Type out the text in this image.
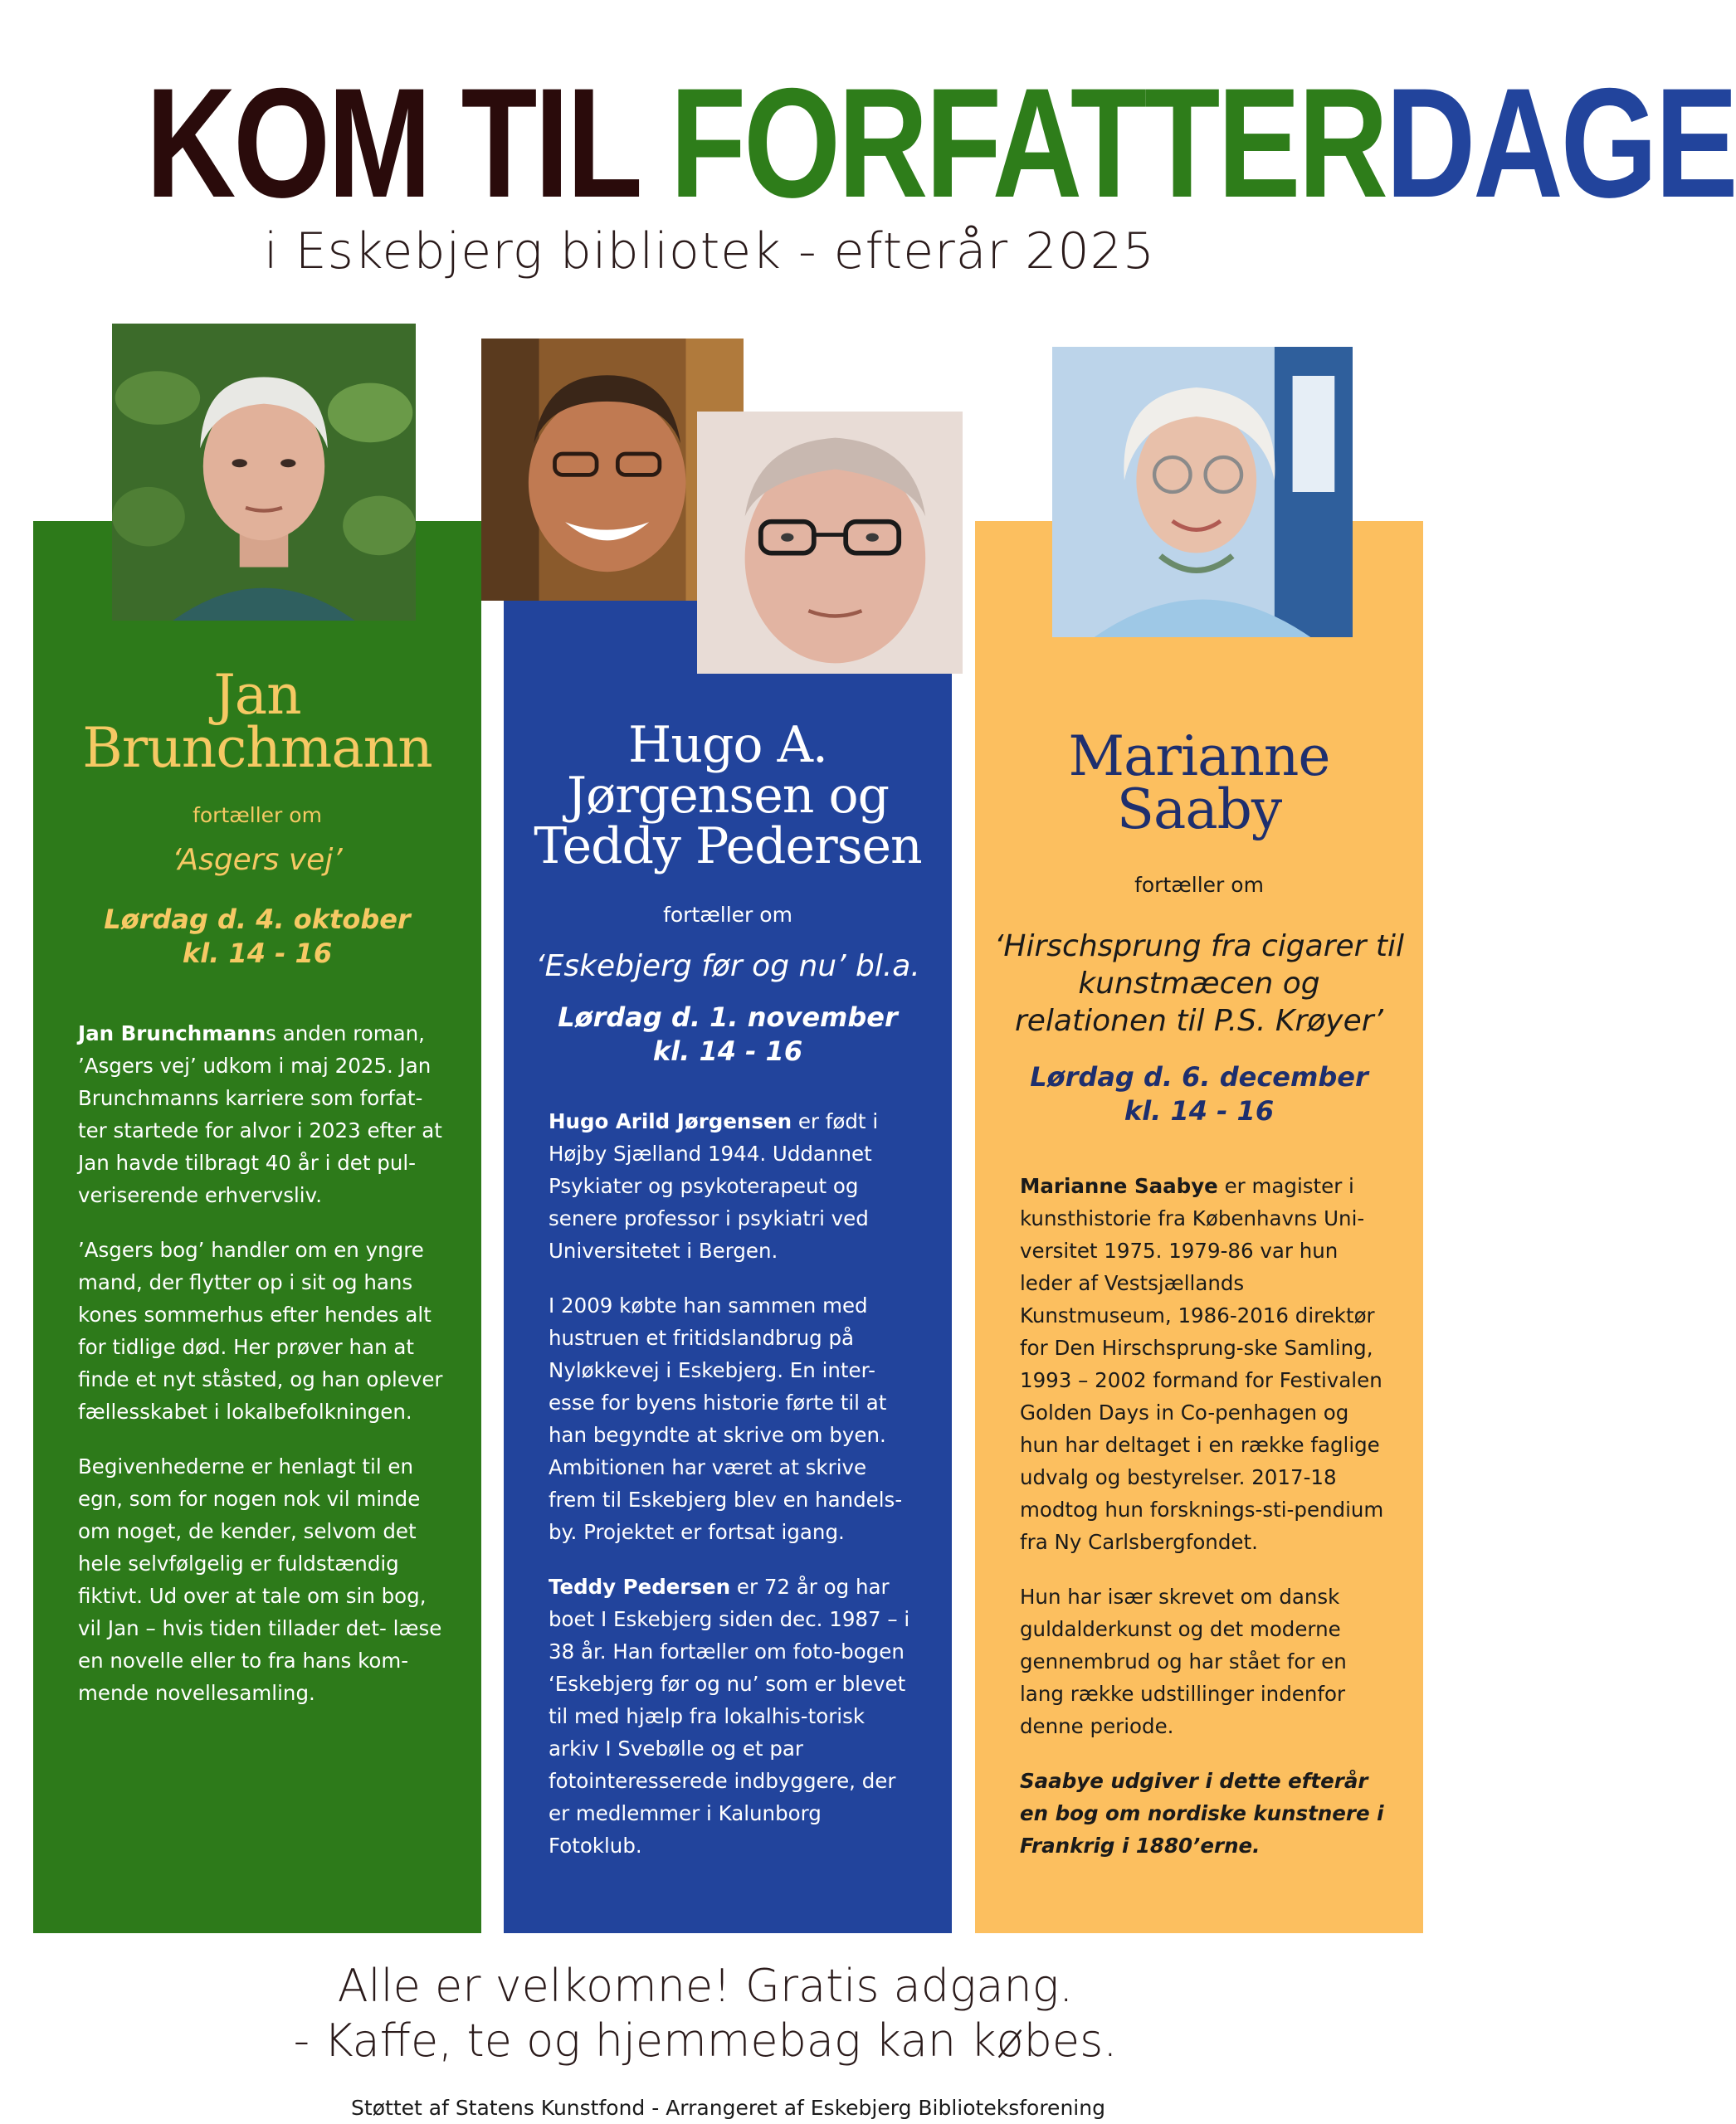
KOM TIL FORFATTERDAGE

i Eskebjerg bibliotek - efterår 2025

Jan
Brunchmann

fortæller om

‘Asgers vej’

Lørdag d. 4. oktober
kl. 14 - 16

Jan Brunchmanns anden roman, ’Asgers vej’ udkom i maj 2025. Jan Brunchmanns karriere som forfat-ter startede for alvor i 2023 efter at Jan havde tilbragt 40 år i det pul-veriserende erhvervsliv.

’Asgers bog’ handler om en yngre mand, der flytter op i sit og hans kones sommerhus efter hendes alt for tidlige død. Her prøver han at finde et nyt ståsted, og han oplever fællesskabet i lokalbefolkningen.

Begivenhederne er henlagt til en egn, som for nogen nok vil minde om noget, de kender, selvom det hele selvfølgelig er fuldstændig fiktivt. Ud over at tale om sin bog, vil Jan – hvis tiden tillader det- læse en novelle eller to fra hans kom-mende novellesamling.

Hugo A.
Jørgensen og
Teddy Pedersen

fortæller om

‘Eskebjerg før og nu’ bl.a.

Lørdag d. 1. november
kl. 14 - 16

Hugo Arild Jørgensen er født i Højby Sjælland 1944. Uddannet Psykiater og psykoterapeut og senere professor i psykiatri ved Universitetet i Bergen.

I 2009 købte han sammen med hustruen et fritidslandbrug på Nyløkkevej i Eskebjerg. En inter-esse for byens historie førte til at han begyndte at skrive om byen. Ambitionen har været at skrive frem til Eskebjerg blev en handels-by. Projektet er fortsat igang.

Teddy Pedersen er 72 år og har boet I Eskebjerg siden dec. 1987 – i 38 år. Han fortæller om foto-bogen ‘Eskebjerg før og nu’ som er blevet til med hjælp fra lokalhis-torisk arkiv I Svebølle og et par fotointeresserede indbyggere, der er medlemmer i Kalunborg Fotoklub.

Marianne
Saaby

fortæller om

‘Hirschsprung fra cigarer til
kunstmæcen og
relationen til P.S. Krøyer’

Lørdag d. 6. december
kl. 14 - 16

Marianne Saabye er magister i kunsthistorie fra Københavns Uni-versitet 1975. 1979-86 var hun leder af Vestsjællands Kunstmuseum, 1986-2016 direktør for Den Hirschsprung-ske Samling, 1993 – 2002 formand for Festivalen Golden Days in Co-penhagen og hun har deltaget i en række faglige udvalg og bestyrelser. 2017-18 modtog hun forsknings-sti-pendium fra Ny Carlsbergfondet.

Hun har især skrevet om dansk guldalderkunst og det moderne gennembrud og har stået for en lang række udstillinger indenfor denne periode.

Saabye udgiver i dette efterår en bog om nordiske kunstnere i Frankrig i 1880’erne.

Alle er velkomne! Gratis adgang.

- Kaffe, te og hjemmebag kan købes.

Støttet af Statens Kunstfond - Arrangeret af Eskebjerg Biblioteksforening
